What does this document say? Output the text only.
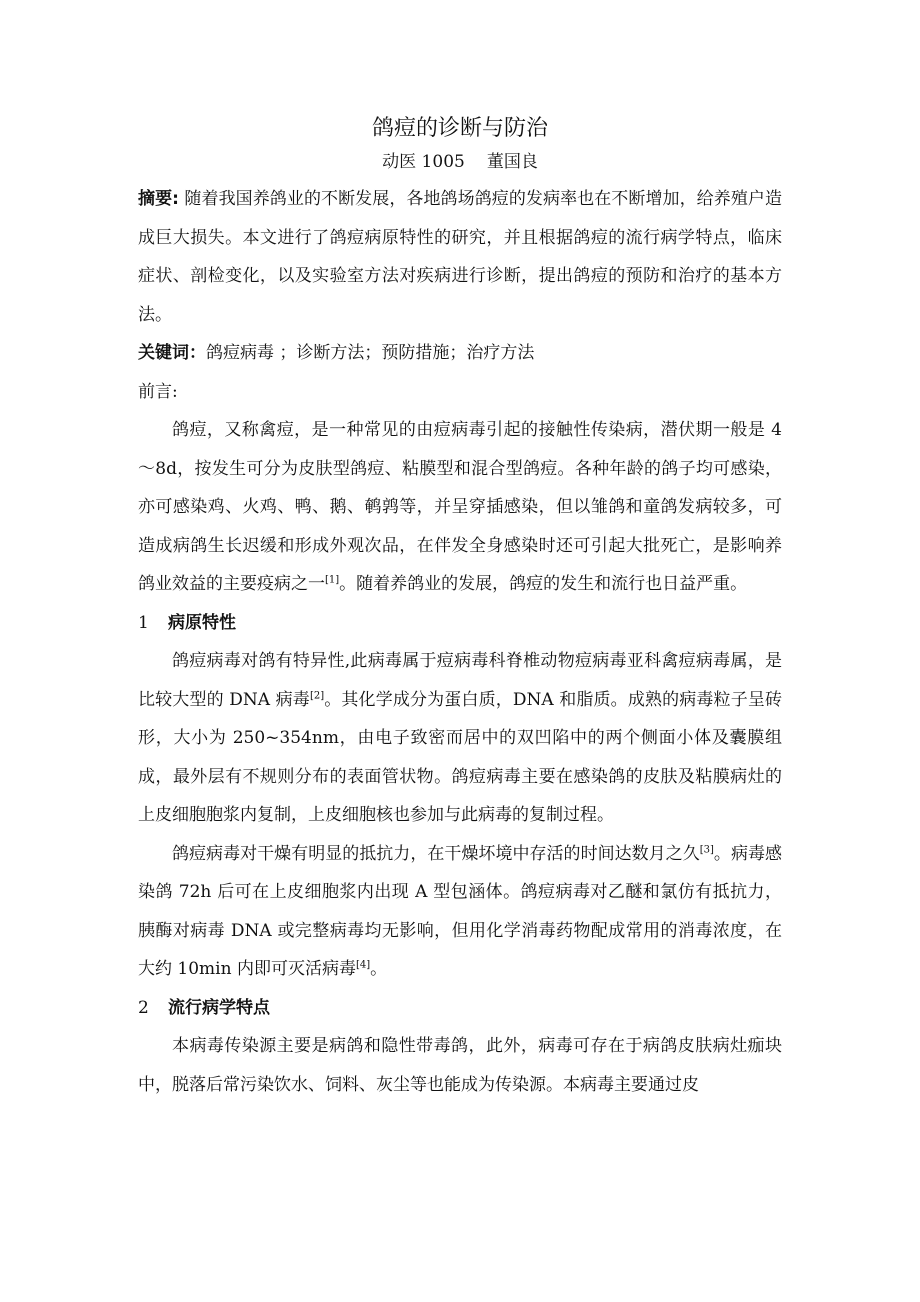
鸽痘的诊断与防治
动医 1005 董国良

摘要: 随着我国养鸽业的不断发展，各地鸽场鸽痘的发病率也在不断增加，给养殖户造成巨大损失。本文进行了鸽痘病原特性的研究，并且根据鸽痘的流行病学特点，临床症状、剖检变化，以及实验室方法对疾病进行诊断，提出鸽痘的预防和治疗的基本方法。

关键词：鸽痘病毒 ；诊断方法；预防措施；治疗方法

前言:

鸽痘，又称禽痘，是一种常见的由痘病毒引起的接触性传染病，潜伏期一般是 4～8d，按发生可分为皮肤型鸽痘、粘膜型和混合型鸽痘。各种年龄的鸽子均可感染，亦可感染鸡、火鸡、鸭、鹅、鹌鹑等，并呈穿插感染，但以雏鸽和童鸽发病较多，可造成病鸽生长迟缓和形成外观次品，在伴发全身感染时还可引起大批死亡，是影响养鸽业效益的主要疫病之一[1]。随着养鸽业的发展，鸽痘的发生和流行也日益严重。

1 病原特性

鸽痘病毒对鸽有特异性,此病毒属于痘病毒科脊椎动物痘病毒亚科禽痘病毒属，是比较大型的 DNA 病毒[2]。其化学成分为蛋白质，DNA 和脂质。成熟的病毒粒子呈砖形，大小为 250~354nm，由电子致密而居中的双凹陷中的两个侧面小体及囊膜组成，最外层有不规则分布的表面管状物。鸽痘病毒主要在感染鸽的皮肤及粘膜病灶的上皮细胞胞浆内复制，上皮细胞核也参加与此病毒的复制过程。

鸽痘病毒对干燥有明显的抵抗力，在干燥坏境中存活的时间达数月之久[3]。病毒感染鸽 72h 后可在上皮细胞浆内出现 A 型包涵体。鸽痘病毒对乙醚和氯仿有抵抗力，胰酶对病毒 DNA 或完整病毒均无影响，但用化学消毒药物配成常用的消毒浓度，在大约 10min 内即可灭活病毒[4]。

2 流行病学特点

本病毒传染源主要是病鸽和隐性带毒鸽，此外，病毒可存在于病鸽皮肤病灶痂块中，脱落后常污染饮水、饲料、灰尘等也能成为传染源。本病毒主要通过皮
